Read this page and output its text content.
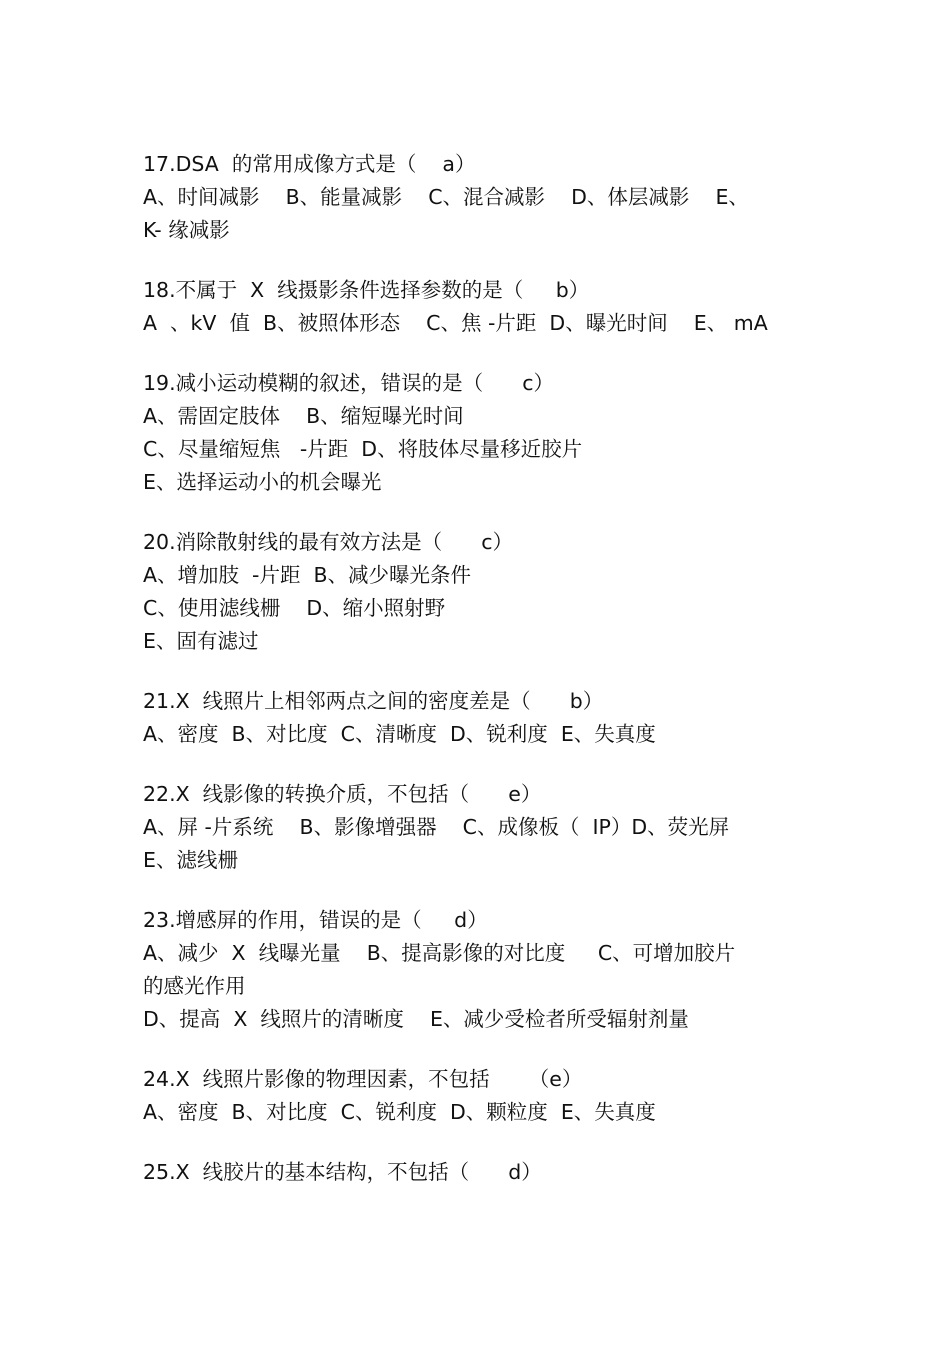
17.DSA  的常用成像方式是（    a）
A、时间减影    B、能量减影    C、混合减影    D、体层减影    E、
K- 缘减影
18.不属于  X  线摄影条件选择参数的是（     b）
A  、kV  值  B、被照体形态    C、焦 -片距  D、曝光时间    E、 mA
19.减小运动模糊的叙述，错误的是（      c）
A、需固定肢体    B、缩短曝光时间
C、尽量缩短焦   -片距  D、将肢体尽量移近胶片
E、选择运动小的机会曝光
20.消除散射线的最有效方法是（      c）
A、增加肢  -片距  B、减少曝光条件
C、使用滤线栅    D、缩小照射野
E、固有滤过
21.X  线照片上相邻两点之间的密度差是（      b）
A、密度  B、对比度  C、清晰度  D、锐利度  E、失真度
22.X  线影像的转换介质，不包括（      e）
A、屏 -片系统    B、影像增强器    C、成像板（  IP）D、荧光屏
E、滤线栅
23.增感屏的作用，错误的是（     d）
A、减少  X  线曝光量    B、提高影像的对比度     C、可增加胶片
的感光作用
D、提高  X  线照片的清晰度    E、减少受检者所受辐射剂量
24.X  线照片影像的物理因素，不包括      （e）
A、密度  B、对比度  C、锐利度  D、颗粒度  E、失真度
25.X  线胶片的基本结构，不包括（      d）
